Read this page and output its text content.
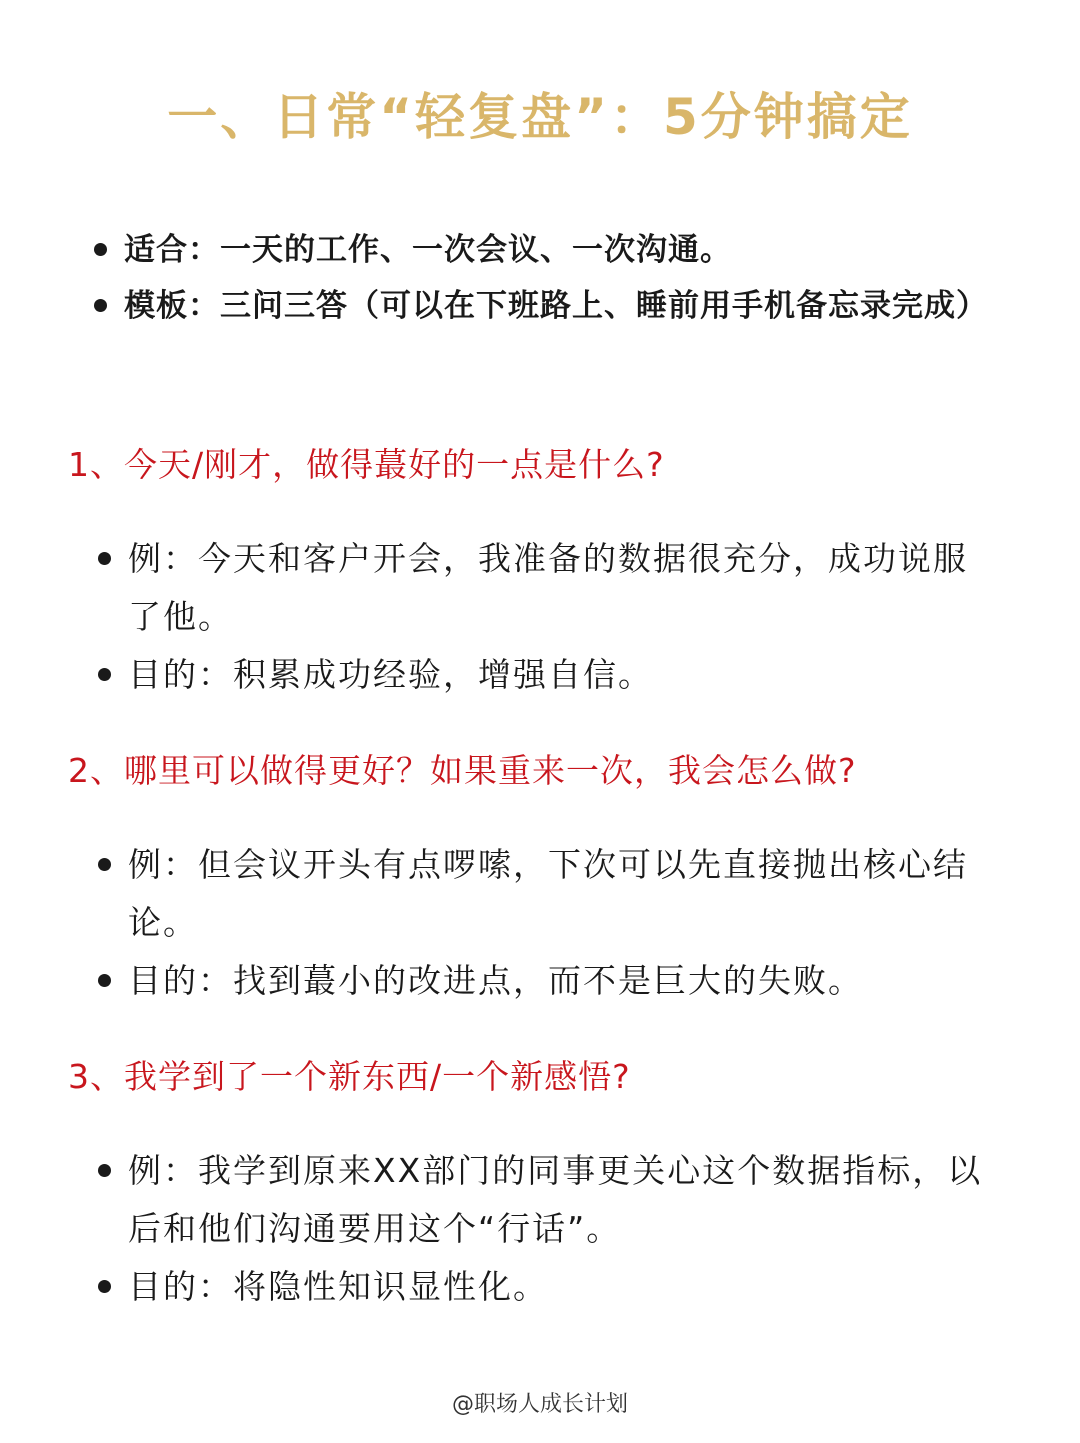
一、日常“轻复盘”：5分钟搞定
适合：一天的工作、一次会议、一次沟通。
模板：三问三答（可以在下班路上、睡前用手机备忘录完成）
1、今天/刚才，做得蕞好的一点是什么?
例：今天和客户开会，我准备的数据很充分，成功说服了他。
目的：积累成功经验，增强自信。
2、哪里可以做得更好？如果重来一次，我会怎么做?
例：但会议开头有点啰嗦，下次可以先直接抛出核心结论。
目的：找到蕞小的改进点，而不是巨大的失败。
3、我学到了一个新东西/一个新感悟?
例：我学到原来XX部门的同事更关心这个数据指标，以后和他们沟通要用这个“行话”。
目的：将隐性知识显性化。
@职场人成长计划
